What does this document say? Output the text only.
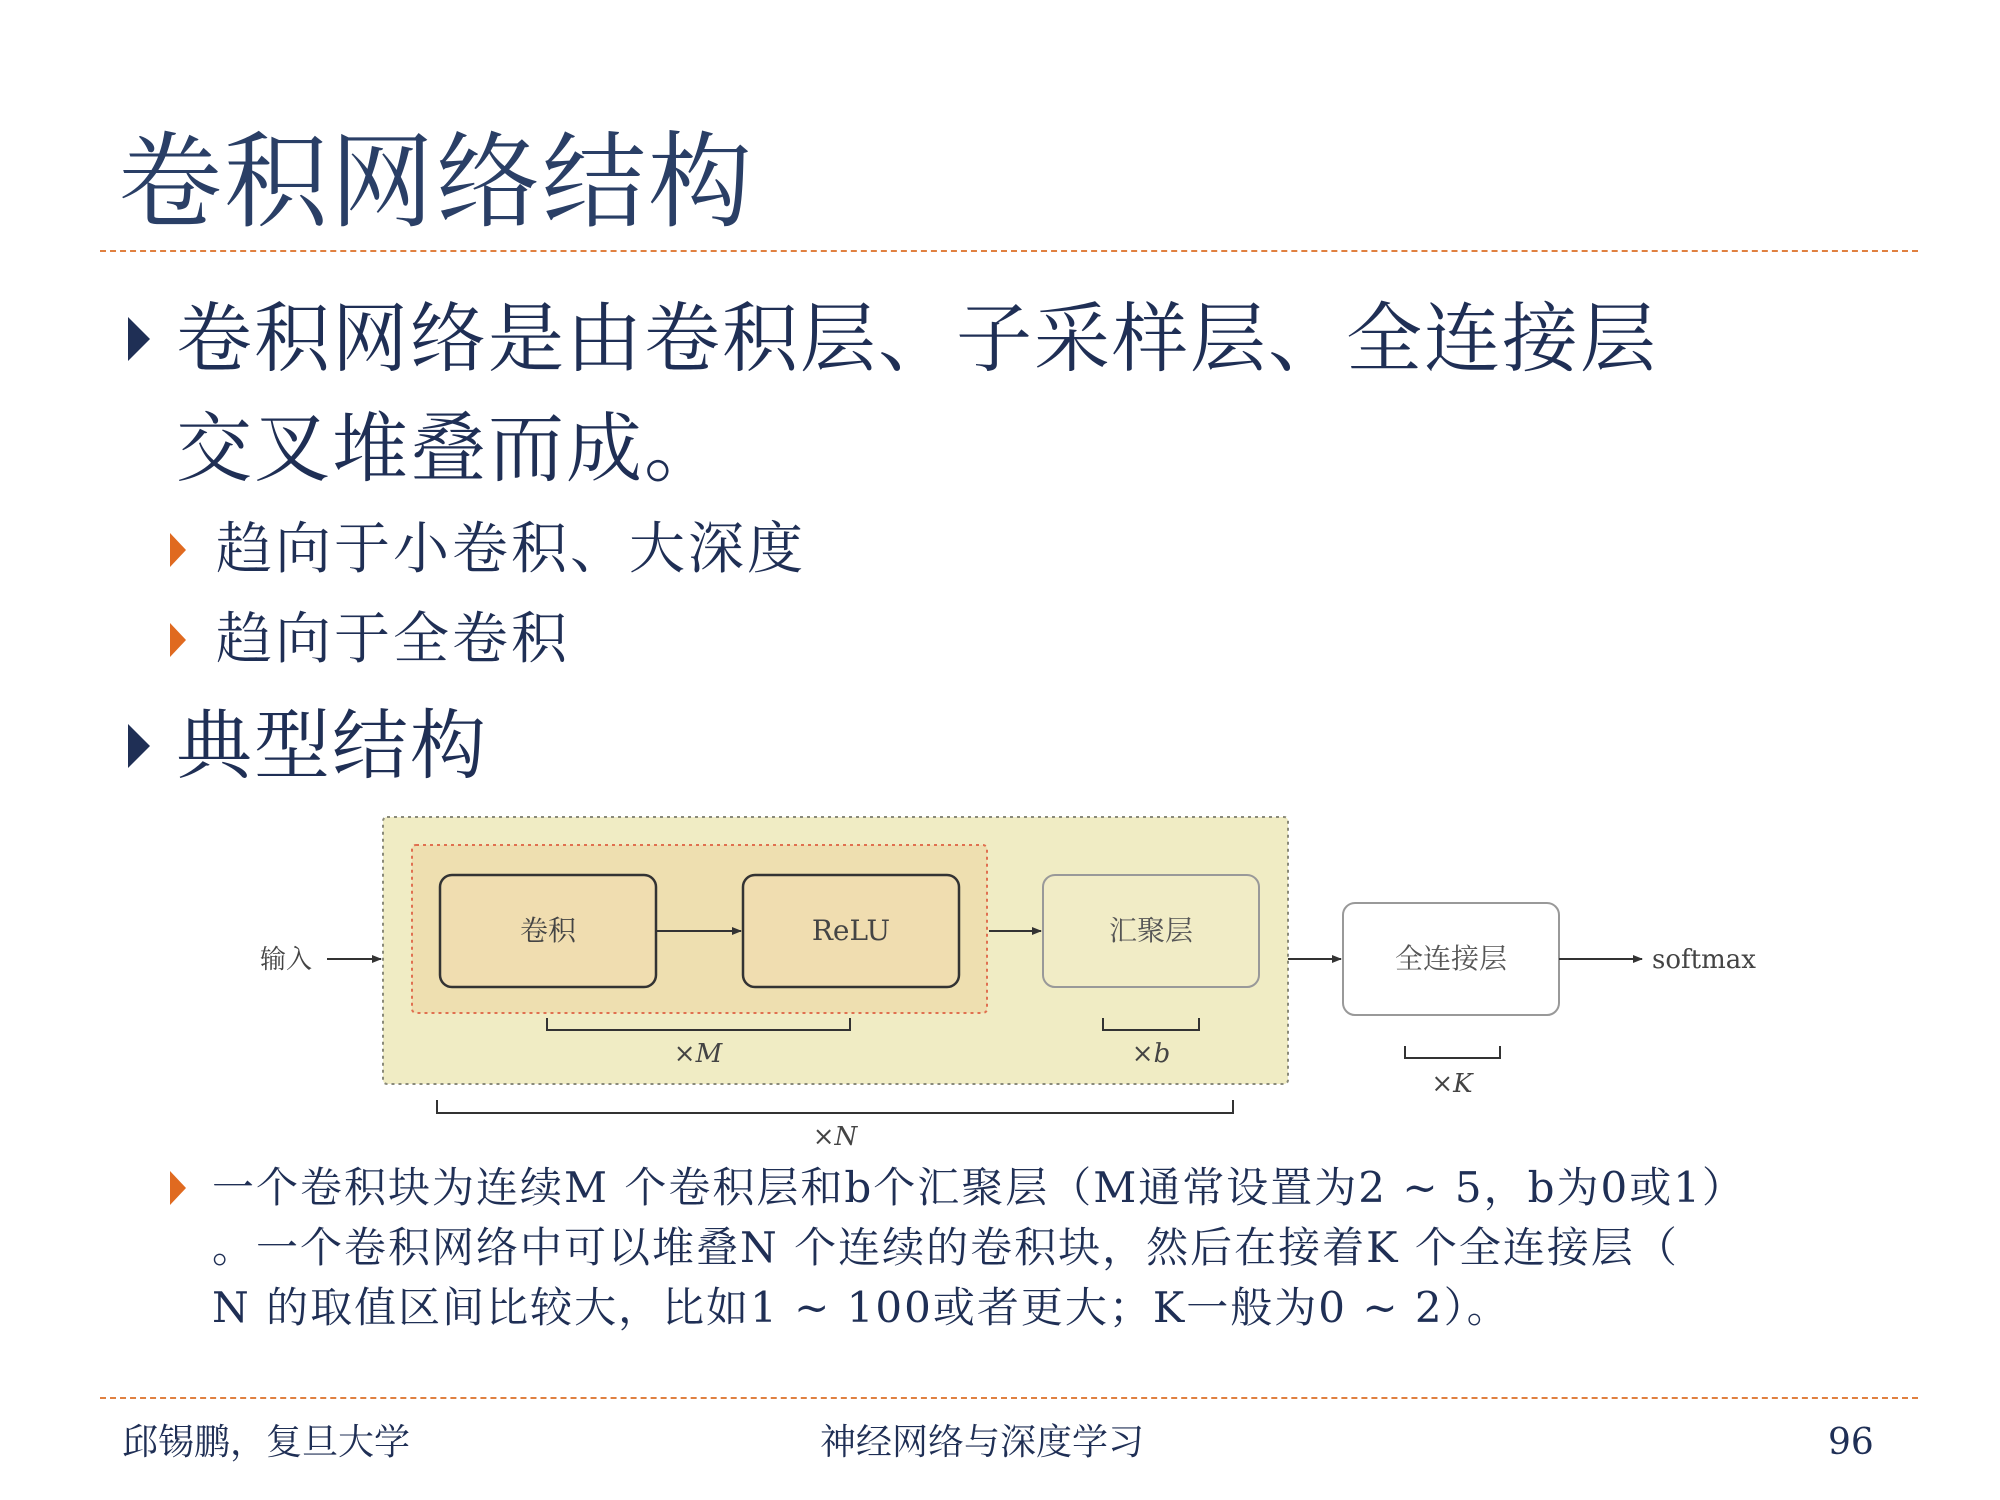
卷积网络结构
卷积网络是由卷积层、子采样层、全连接层
交叉堆叠而成。
趋向于小卷积、大深度
趋向于全卷积
典型结构
卷积	ReLU	汇聚层
全连接层
输入	softmax
×M	×b
×K
×N
一个卷积块为连续M 个卷积层和b个汇聚层（M通常设置为2 ~ 5，b为0或1）
。一个卷积网络中可以堆叠N 个连续的卷积块，然后在接着K 个全连接层（
N 的取值区间比较大，比如1 ~ 100或者更大；K一般为0 ~ 2）。
邱锡鹏，复旦大学	神经网络与深度学习	96
